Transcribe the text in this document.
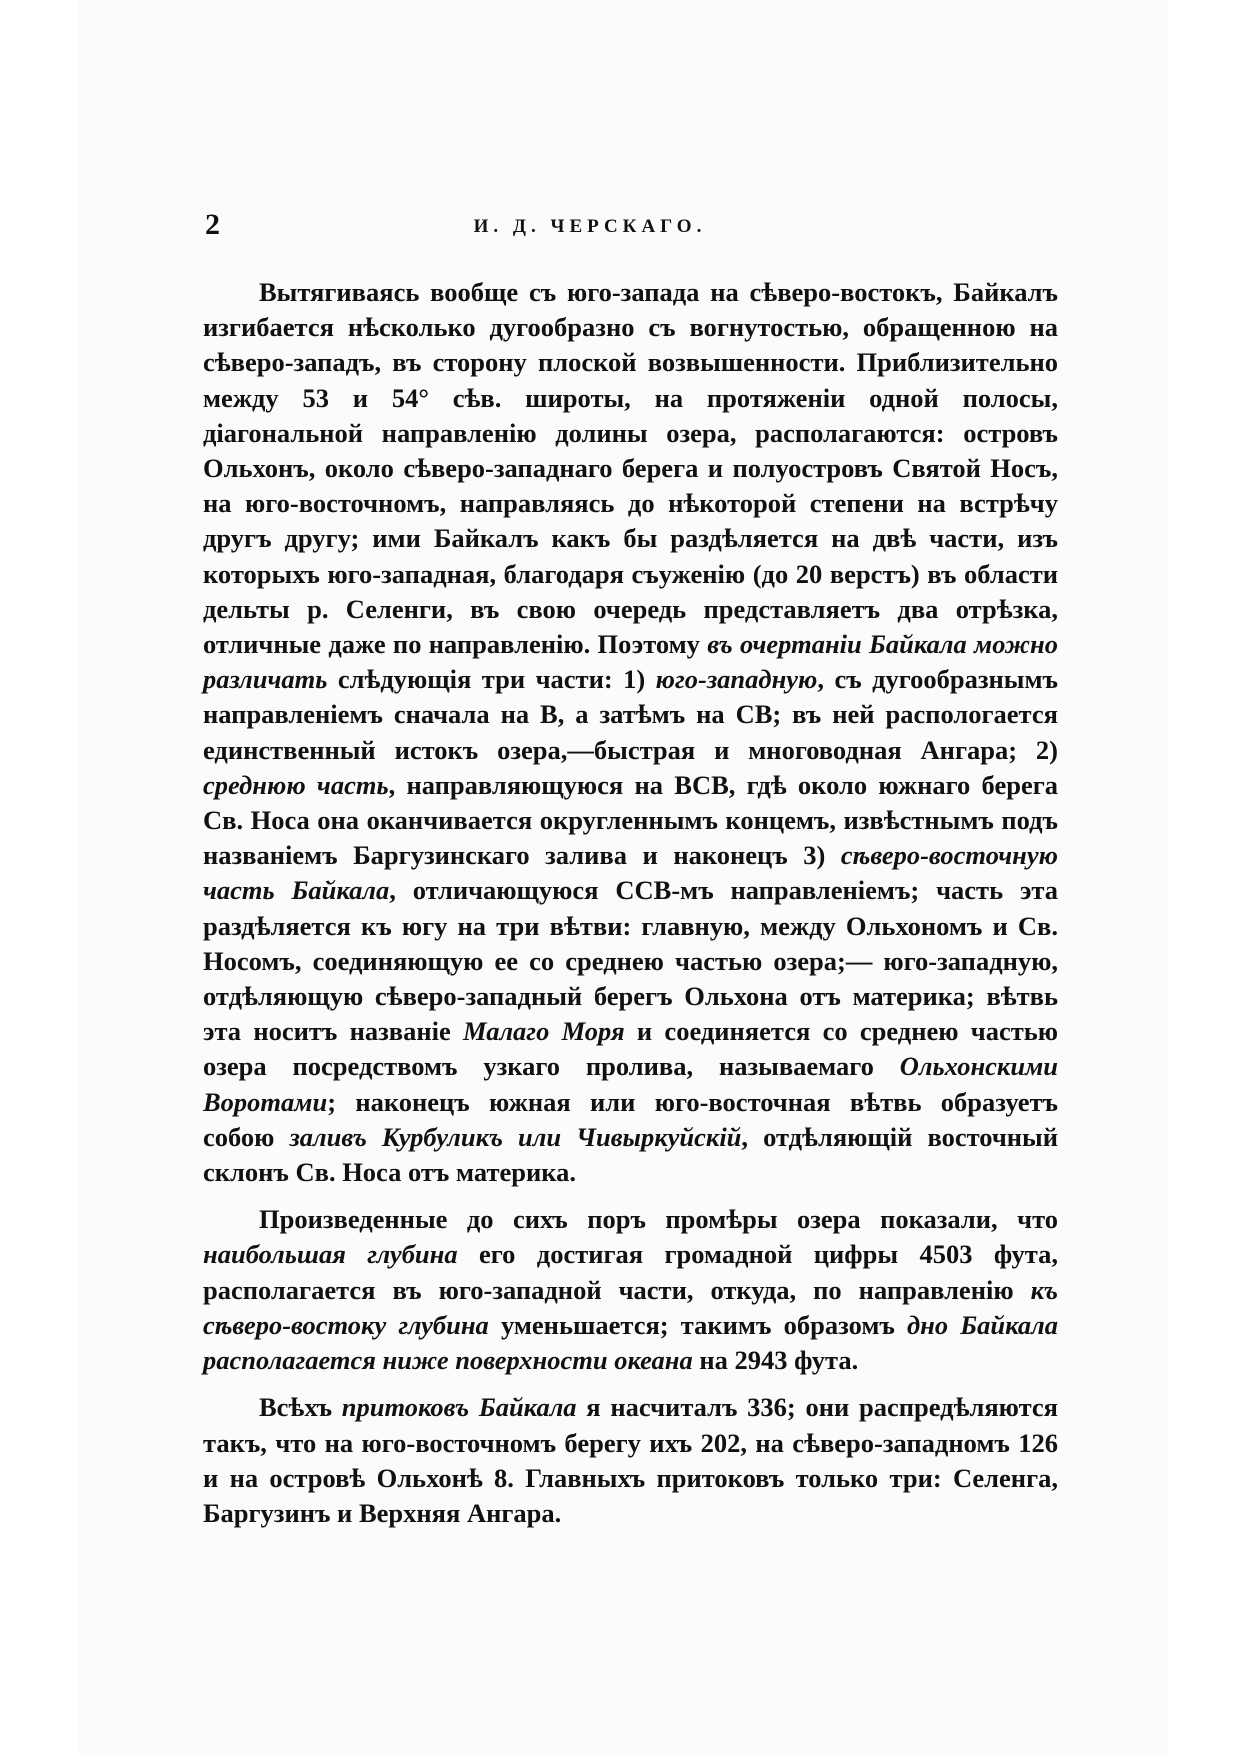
2	И. Д. ЧЕРСКАГО.

Вытягиваясь вообще съ юго-запада на сѣверо-востокъ, Байкалъ изгибается нѣсколько дугообразно съ вогнутостью, обращенною на сѣверо-западъ, въ сторону плоской возвышенности. Приблизительно между 53 и 54° сѣв. широты, на протяженіи одной полосы, діагональной направленію долины озера, располагаются: островъ Ольхонъ, около сѣверо-западнаго берега и полуостровъ Святой Носъ, на юго-восточномъ, направляясь до нѣкоторой степени на встрѣчу другъ другу; ими Байкалъ какъ бы раздѣляется на двѣ части, изъ которыхъ юго-западная, благодаря съуженію (до 20 верстъ) въ области дельты р. Селенги, въ свою очередь представляетъ два отрѣзка, отличные даже по направленію. Поэтому въ очертаніи Байкала можно различать слѣдующія три части: 1) юго-западную, съ дугообразнымъ направленіемъ сначала на В, а затѣмъ на СВ; въ ней распологается единственный истокъ озера,—быстрая и многоводная Ангара; 2) среднюю часть, направляющуюся на ВСВ, гдѣ около южнаго берега Св. Носа она оканчивается округленнымъ концемъ, извѣстнымъ подъ названіемъ Баргузинскаго залива и наконецъ 3) сѣверо-восточную часть Байкала, отличающуюся ССВ-мъ направленіемъ; часть эта раздѣляется къ югу на три вѣтви: главную, между Ольхономъ и Св. Носомъ, соединяющую ее со среднею частью озера;— юго-западную, отдѣляющую сѣверо-западный берегъ Ольхона отъ материка; вѣтвь эта носитъ названіе Малаго Моря и соединяется со среднею частью озера посредствомъ узкаго пролива, называемаго Ольхонскими Воротами; наконецъ южная или юго-восточная вѣтвь образуетъ собою заливъ Курбуликъ или Чивыркуйскій, отдѣляющій восточный склонъ Св. Носа отъ материка.

Произведенные до сихъ поръ промѣры озера показали, что наибольшая глубина его достигая громадной цифры 4503 фута, располагается въ юго-западной части, откуда, по направленію къ сѣверо-востоку глубина уменьшается; такимъ образомъ дно Байкала располагается ниже поверхности океана на 2943 фута.

Всѣхъ притоковъ Байкала я насчиталъ 336; они распредѣляются такъ, что на юго-восточномъ берегу ихъ 202, на сѣверо-западномъ 126 и на островѣ Ольхонѣ 8. Главныхъ притоковъ только три: Селенга, Баргузинъ и Верхняя Ангара.
